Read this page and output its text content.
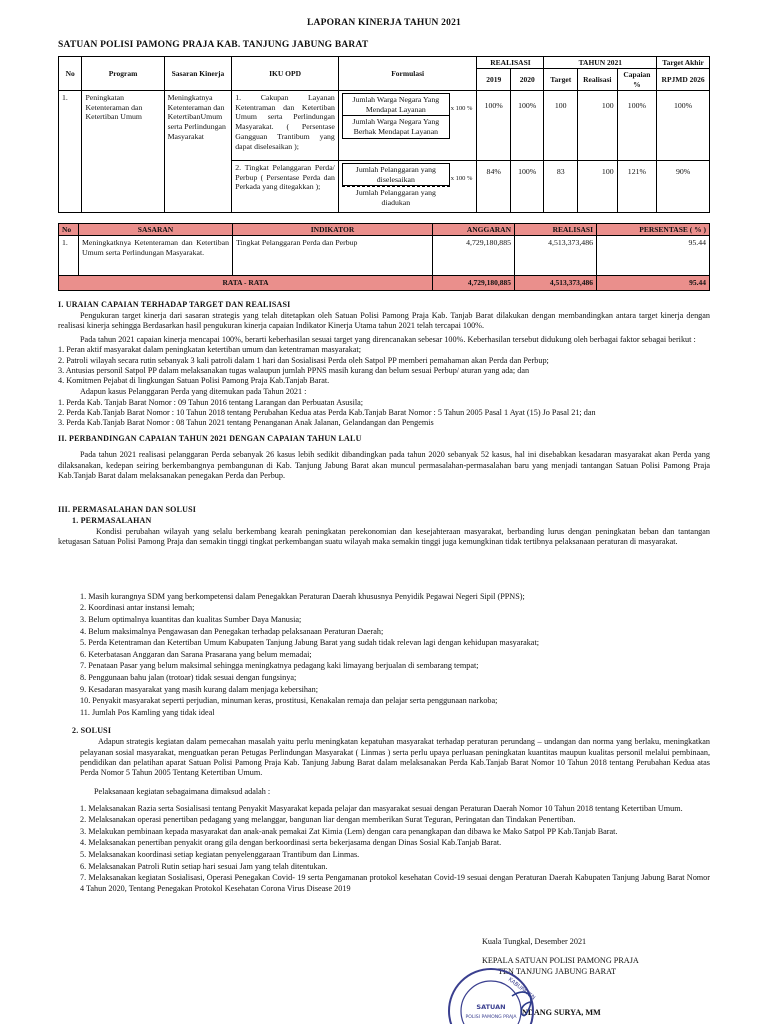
LAPORAN KINERJA TAHUN 2021
SATUAN POLISI PAMONG PRAJA KAB. TANJUNG JABUNG BARAT
No	Program	Sasaran Kinerja	IKU OPD	Formulasi	REALISASI		TAHUN 2021			Target Akhir
					2019	2020	Target	Realisasi	Capaian %	RPJMD 2026
1.	Peningkatan Ketenteraman dan Ketertiban Umum	Meningkatnya Ketenteraman dan KetertibanUmum serta Perlindungan Masyarakat	1. Cakupan Layanan Ketentraman dan Ketertiban Umum serta Perlindungan Masyarakat. ( Persentase Gangguan Trantibum yang dapat diselesaikan );	Jumlah Warga Negara Yang Mendapat Layanan
Jumlah Warga Negara Yang Berhak Mendapat Layanan
x 100 %	100%	100%	100	100	100%	100%
			2. Tingkat Pelanggaran Perda/ Perbup ( Persentase Perda dan Perkada yang ditegakkan );	Jumlah Pelanggaran yang diselesaikan
Jumlah Pelanggaran yang diadukan
x 100 %	84%	100%	83	100	121%	90%
No	SASARAN	INDIKATOR	ANGGARAN	REALISASI	PERSENTASE ( % )
1.	Meningkatknya Ketenteraman dan Ketertiban Umum serta Perlindungan Masyarakat.	Tingkat Pelanggaran Perda dan Perbup	4,729,180,885	4,513,373,486	95.44
RATA - RATA			4,729,180,885	4,513,373,486	95.44
I. URAIAN CAPAIAN TERHADAP TARGET DAN REALISASI

Pengukuran target kinerja dari sasaran strategis yang telah ditetapkan oleh Satuan Polisi Pamong Praja Kab. Tanjab Barat dilakukan dengan membandingkan antara target kinerja dengan realisasi kinerja sehingga Berdasarkan hasil pengukuran kinerja capaian Indikator Kinerja Utama tahun 2021 telah tercapai 100%.

Pada tahun 2021 capaian kinerja mencapai 100%, berarti keberhasilan sesuai target yang direncanakan sebesar 100%. Keberhasilan tersebut didukung oleh berbagai faktor sebagai berikut :

1. Peran aktif masyarakat dalam peningkatan ketertiban umum dan ketentraman masyarakat;
2. Patroli wilayah secara rutin sebanyak 3 kali patroli dalam 1 hari dan Sosialisasi Perda oleh Satpol PP memberi pemahaman akan Perda dan Perbup;
3. Antusias personil Satpol PP dalam melaksanakan tugas walaupun jumlah PPNS masih kurang dan belum sesuai Perbup/ aturan yang ada; dan
4. Komitmen Pejabat di lingkungan Satuan Polisi Pamong Praja Kab.Tanjab Barat.

Adapun kasus Pelanggaran Perda yang ditemukan pada Tahun 2021 :

1. Perda Kab. Tanjab Barat Nomor : 09 Tahun 2016 tentang Larangan dan Perbuatan Asusila;
2. Perda Kab.Tanjab Barat Nomor : 10 Tahun 2018 tentang Perubahan Kedua atas Perda Kab.Tanjab Barat Nomor : 5 Tahun 2005 Pasal 1 Ayat (15) Jo Pasal 21; dan
3. Perda Kab.Tanjab Barat Nomor : 08 Tahun 2021 tentang Penanganan Anak Jalanan, Gelandangan dan Pengemis
II. PERBANDINGAN CAPAIAN TAHUN 2021 DENGAN CAPAIAN TAHUN LALU

Pada tahun 2021 realisasi pelanggaran Perda sebanyak 26 kasus lebih sedikit dibandingkan pada tahun 2020 sebanyak 52 kasus, hal ini disebabkan kesadaran masyarakat akan Perda yang dilaksanakan, kedepan seiring berkembangnya pembangunan di Kab. Tanjung Jabung Barat akan muncul permasalahan-permasalahan baru yang menjadi tantangan Satuan Polisi Pamong Praja Kab.Tanjab Barat dalam melaksanakan penegakan Perda dan Perbup.

III. PERMASALAHAN DAN SOLUSI
1. PERMASALAHAN

Kondisi perubahan wilayah yang selalu berkembang kearah peningkatan perekonomian dan kesejahteraan masyarakat, berbanding lurus dengan peningkatan beban dan tantangan ketugasan Satuan Polisi Pamong Praja dan semakin tinggi tingkat perkembangan suatu wilayah maka semakin tinggi juga kemungkinan tidak tertibnya pelaksanaan peraturan di masyarakat.

1. Masih kurangnya SDM yang berkompetensi dalam Penegakkan Peraturan Daerah khususnya Penyidik Pegawai Negeri Sipil (PPNS);
2. Koordinasi antar instansi lemah;
3. Belum optimalnya kuantitas dan kualitas Sumber Daya Manusia;
4. Belum maksimalnya Pengawasan dan Penegakan terhadap pelaksanaan Peraturan Daerah;
5. Perda Ketentraman dan Ketertiban Umum Kabupaten Tanjung Jabung Barat yang sudah tidak relevan lagi dengan kehidupan masyarakat;
6. Keterbatasan Anggaran dan Sarana Prasarana yang belum memadai;
7. Penataan Pasar yang belum maksimal sehingga meningkatnya pedagang kaki limayang berjualan di sembarang tempat;
8. Penggunaan bahu jalan (trotoar) tidak sesuai dengan fungsinya;
9. Kesadaran masyarakat yang masih kurang dalam menjaga kebersihan;
10. Penyakit masyarakat seperti perjudian, minuman keras, prostitusi, Kenakalan remaja dan pelajar serta penggunaan narkoba;
11. Jumlah Pos Kamling yang tidak ideal
2. SOLUSI

Adapun strategis kegiatan dalam pemecahan masalah yaitu perlu meningkatan kepatuhan masyarakat terhadap peraturan perundang – undangan dan norma yang berlaku, meningkatkan pelayanan sosial masyarakat, menguatkan peran Petugas Perlindungan Masyarakat ( Linmas ) serta perlu upaya perluasan peningkatan kuantitas maupun kualitas personil melalui pembinaan, pendidikan dan pelatihan aparat Satuan Polisi Pamong Praja Kab. Tanjung Jabung Barat dalam melaksanakan Perda Kab.Tanjab Barat Nomor 10 Tahun 2018 tentang Perubahan Kedua atas Perda Nomor 5 Tahun 2005 Tentang Ketertiban Umum.

Pelaksanaan kegiatan sebagaimana dimaksud adalah :

1. Melaksanakan Razia serta Sosialisasi tentang Penyakit Masyarakat kepada pelajar dan masyarakat sesuai dengan Peraturan Daerah Nomor 10 Tahun 2018 tentang Ketertiban Umum.
2. Melaksanakan operasi penertiban pedagang yang melanggar, bangunan liar dengan memberikan Surat Teguran, Peringatan dan Tindakan Penertiban.
3. Melakukan pembinaan kepada masyarakat dan anak-anak pemakai Zat Kimia (Lem) dengan cara penangkapan dan dibawa ke Mako Satpol PP Kab.Tanjab Barat.
4. Melaksanakan penertiban penyakit orang gila dengan berkoordinasi serta bekerjasama dengan Dinas Sosial Kab.Tanjab Barat.
5. Melaksanakan koordinasi setiap kegiatan penyelenggaraan Trantibum dan Linmas.
6. Melaksanakan Patroli Rutin setiap hari sesuai Jam yang telah ditentukan.
7. Melaksanakan kegiatan Sosialisasi, Operasi Penegakan Covid- 19 serta Pengamanan protokol kesehatan Covid-19 sesuai dengan Peraturan Daerah Kabupaten Tanjung Jabung Barat Nomor 4 Tahun 2020, Tentang Penegakan Protokol Kesehatan Corona Virus Disease 2019
Kuala Tungkal, Desember 2021
KEPALA SATUAN POLISI PAMONG PRAJA
TEN TANJUNG JABUNG BARAT
NDANG SURYA, MM
SATUAN
POLISI PAMONG PRAJA
KABUPATEN
